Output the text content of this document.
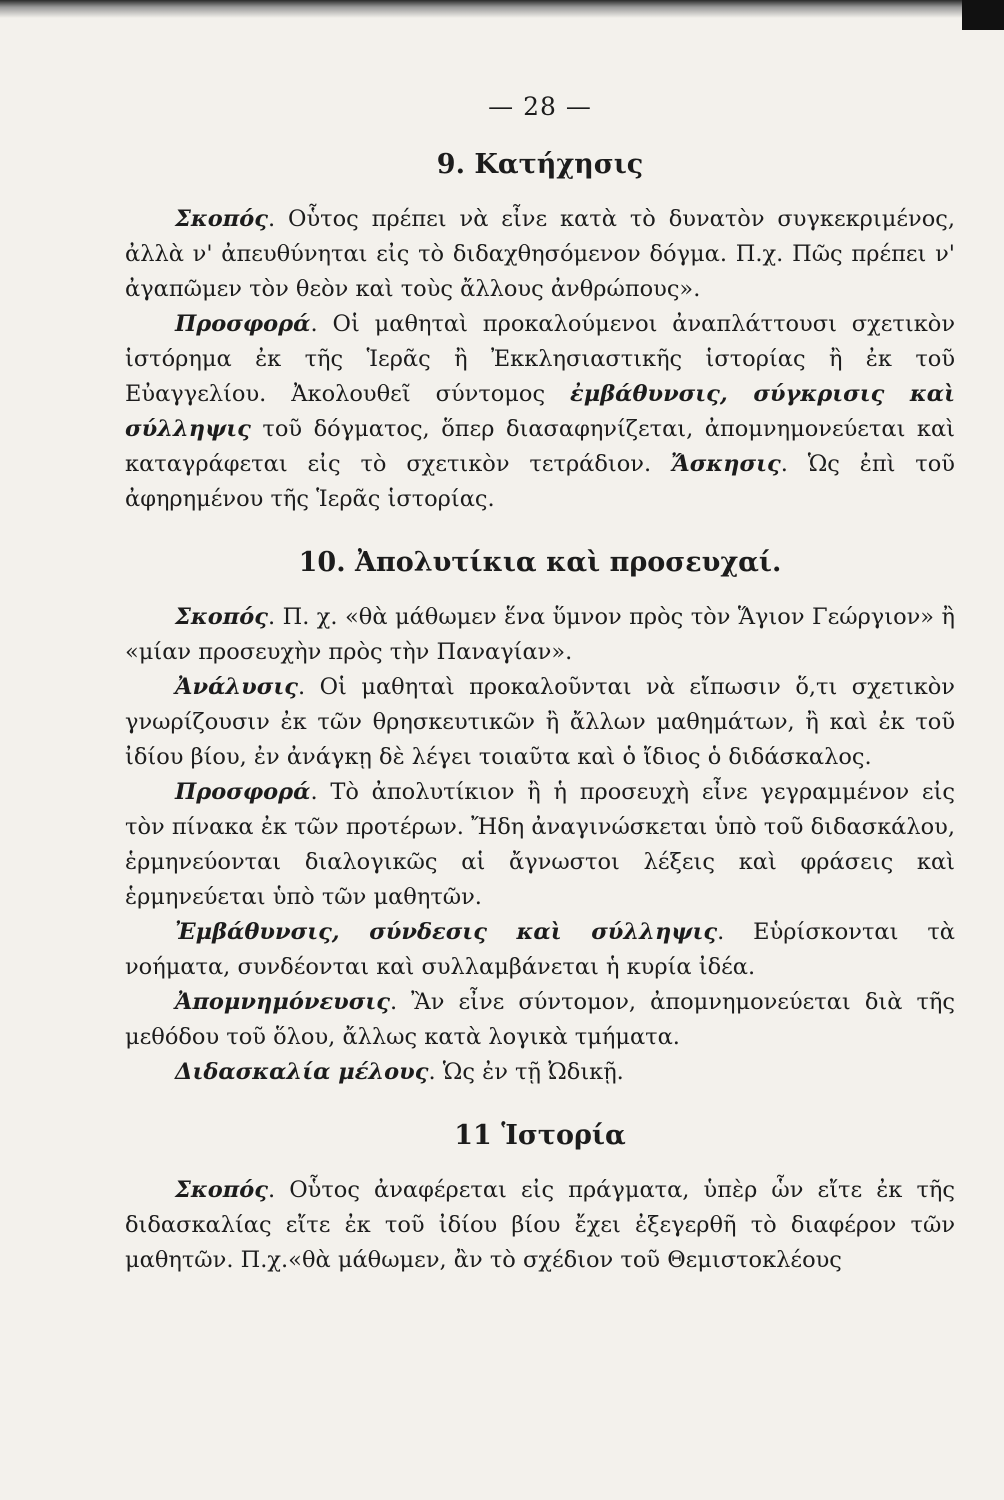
— 28 —
9. Κατήχησις

Σκοπός. Οὗτος πρέπει νὰ εἶνε κατὰ τὸ δυνατὸν συγκεκριμένος, ἀλλὰ ν' ἀπευθύνηται εἰς τὸ διδαχθησόμενον δόγμα. Π.χ. Πῶς πρέπει ν' ἀγαπῶμεν τὸν θεὸν καὶ τοὺς ἄλλους ἀνθρώπους».

Προσφορά. Οἱ μαθηταὶ προκαλούμενοι ἀναπλάττουσι σχετικὸν ἱστόρημα ἐκ τῆς Ἱερᾶς ἢ Ἐκκλησιαστικῆς ἱστορίας ἢ ἐκ τοῦ Εὐαγγελίου. Ἀκολουθεῖ σύντομος ἐμβάθυνσις, σύγκρισις καὶ σύλληψις τοῦ δόγματος, ὅπερ διασαφηνίζεται, ἀπομνημονεύεται καὶ καταγράφεται εἰς τὸ σχετικὸν τετράδιον. Ἄσκησις. Ὡς ἐπὶ τοῦ ἀφηρημένου τῆς Ἱερᾶς ἱστορίας.

10. Ἀπολυτίκια καὶ προσευχαί.

Σκοπός. Π. χ. «θὰ μάθωμεν ἕνα ὕμνον πρὸς τὸν Ἅγιον Γεώργιον» ἢ «μίαν προσευχὴν πρὸς τὴν Παναγίαν».

Ἀνάλυσις. Οἱ μαθηταὶ προκαλοῦνται νὰ εἴπωσιν ὅ,τι σχετικὸν γνωρίζουσιν ἐκ τῶν θρησκευτικῶν ἢ ἄλλων μαθημάτων, ἢ καὶ ἐκ τοῦ ἰδίου βίου, ἐν ἀνάγκῃ δὲ λέγει τοιαῦτα καὶ ὁ ἴδιος ὁ διδάσκαλος.

Προσφορά. Τὸ ἀπολυτίκιον ἢ ἡ προσευχὴ εἶνε γεγραμμένον εἰς τὸν πίνακα ἐκ τῶν προτέρων. Ἤδη ἀναγινώσκεται ὑπὸ τοῦ διδασκάλου, ἑρμηνεύονται διαλογικῶς αἱ ἄγνωστοι λέξεις καὶ φράσεις καὶ ἑρμηνεύεται ὑπὸ τῶν μαθητῶν.

Ἐμβάθυνσις, σύνδεσις καὶ σύλληψις. Εὑρίσκονται τὰ νοήματα, συνδέονται καὶ συλλαμβάνεται ἡ κυρία ἰδέα.

Ἀπομνημόνευσις. Ἂν εἶνε σύντομον, ἀπομνημονεύεται διὰ τῆς μεθόδου τοῦ ὅλου, ἄλλως κατὰ λογικὰ τμήματα.

Διδασκαλία μέλους. Ὡς ἐν τῇ Ὠδικῇ.

11 Ἱστορία

Σκοπός. Οὗτος ἀναφέρεται εἰς πράγματα, ὑπὲρ ὧν εἴτε ἐκ τῆς διδασκαλίας εἴτε ἐκ τοῦ ἰδίου βίου ἔχει ἐξεγερθῆ τὸ διαφέρον τῶν μαθητῶν. Π.χ.«θὰ μάθωμεν, ἂν τὸ σχέδιον τοῦ Θεμιστοκλέους
